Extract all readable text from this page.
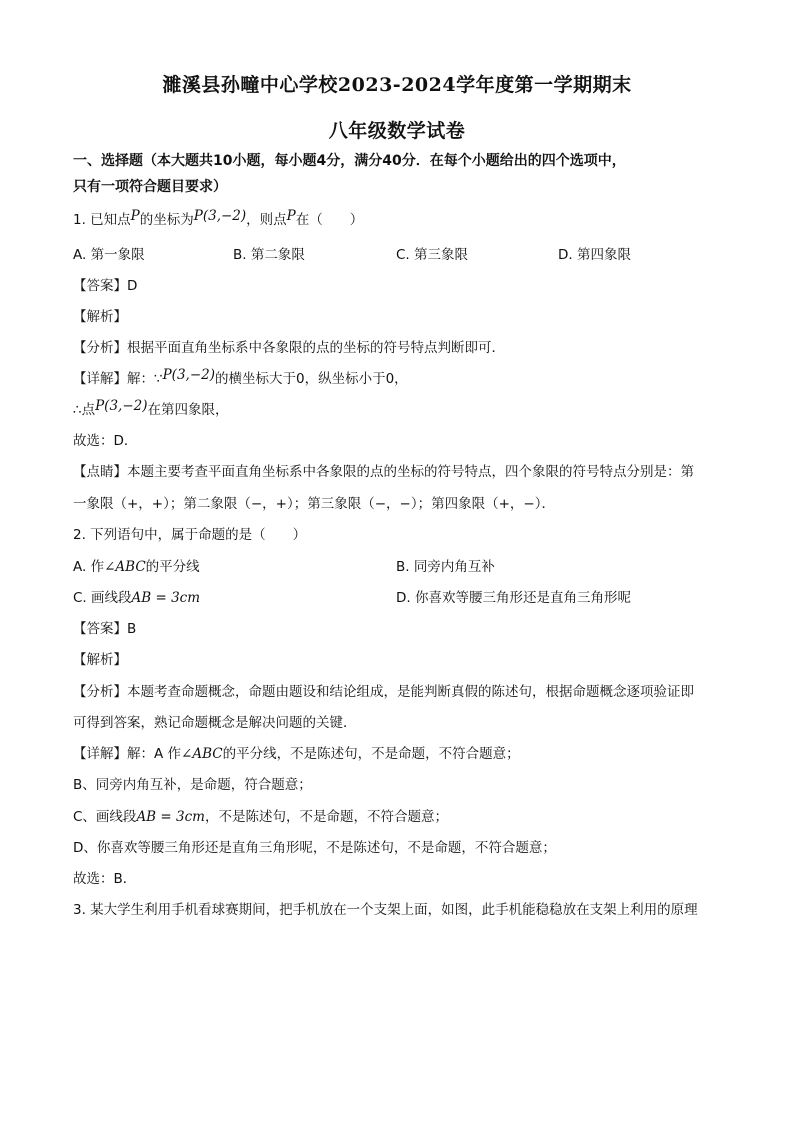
濉溪县孙疃中心学校2023-2024学年度第一学期期末
八年级数学试卷
一、选择题（本大题共10小题，每小题4分，满分40分．在每个小题给出的四个选项中，
只有一项符合题目要求）
1. 已知点P的坐标为P(3,−2)，则点P在（　　）
A. 第一象限	B. 第二象限	C. 第三象限	D. 第四象限
【答案】D
【解析】
【分析】根据平面直角坐标系中各象限的点的坐标的符号特点判断即可．
【详解】解：∵P(3,−2)的横坐标大于0，纵坐标小于0，
∴点P(3,−2)在第四象限，
故选：D．
【点睛】本题主要考查平面直角坐标系中各象限的点的坐标的符号特点，四个象限的符号特点分别是：第
一象限（+，+）；第二象限（−，+）；第三象限（−，−）；第四象限（+，−）．
2. 下列语句中，属于命题的是（　　）
A. 作∠ABC的平分线	B. 同旁内角互补
C. 画线段AB = 3cm	D. 你喜欢等腰三角形还是直角三角形呢
【答案】B
【解析】
【分析】本题考查命题概念，命题由题设和结论组成，是能判断真假的陈述句，根据命题概念逐项验证即
可得到答案，熟记命题概念是解决问题的关键．
【详解】解：A 作∠ABC的平分线，不是陈述句，不是命题，不符合题意；
B、同旁内角互补，是命题，符合题意；
C、画线段AB = 3cm，不是陈述句，不是命题，不符合题意；
D、你喜欢等腰三角形还是直角三角形呢，不是陈述句，不是命题，不符合题意；
故选：B．
3. 某大学生利用手机看球赛期间，把手机放在一个支架上面，如图，此手机能稳稳放在支架上利用的原理
